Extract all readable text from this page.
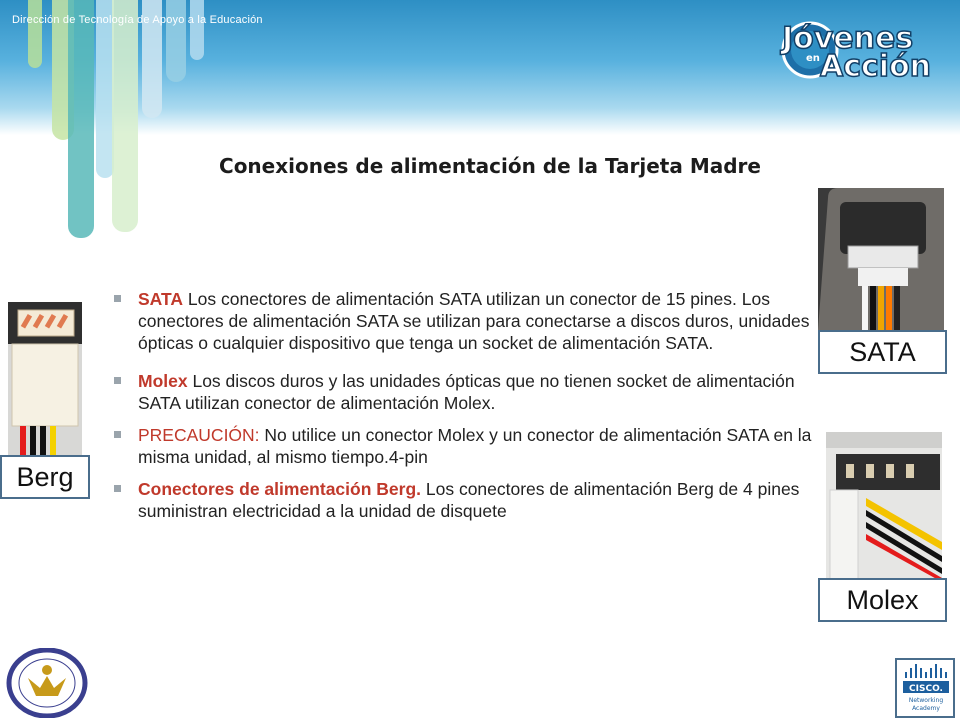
Dirección de Tecnología de Apoyo a la Educación
Jóvenes
en Acción
Conexiones de alimentación de la Tarjeta Madre
SATA
Berg
Molex
SATA Los conectores de alimentación SATA utilizan un conector de 15 pines. Los conectores de alimentación SATA se utilizan para conectarse a discos duros, unidades ópticas o cualquier dispositivo que tenga un socket de alimentación SATA.
Molex Los discos duros y las unidades ópticas que no tienen socket de alimentación SATA utilizan conector de alimentación Molex.
PRECAUCIÓN: No utilice un conector Molex y un conector de alimentación SATA en la misma unidad, al mismo tiempo.4-pin
Conectores de alimentación Berg. Los conectores de alimentación Berg de 4 pines suministran electricidad a la unidad de disquete
CISCO.
Networking
Academy
